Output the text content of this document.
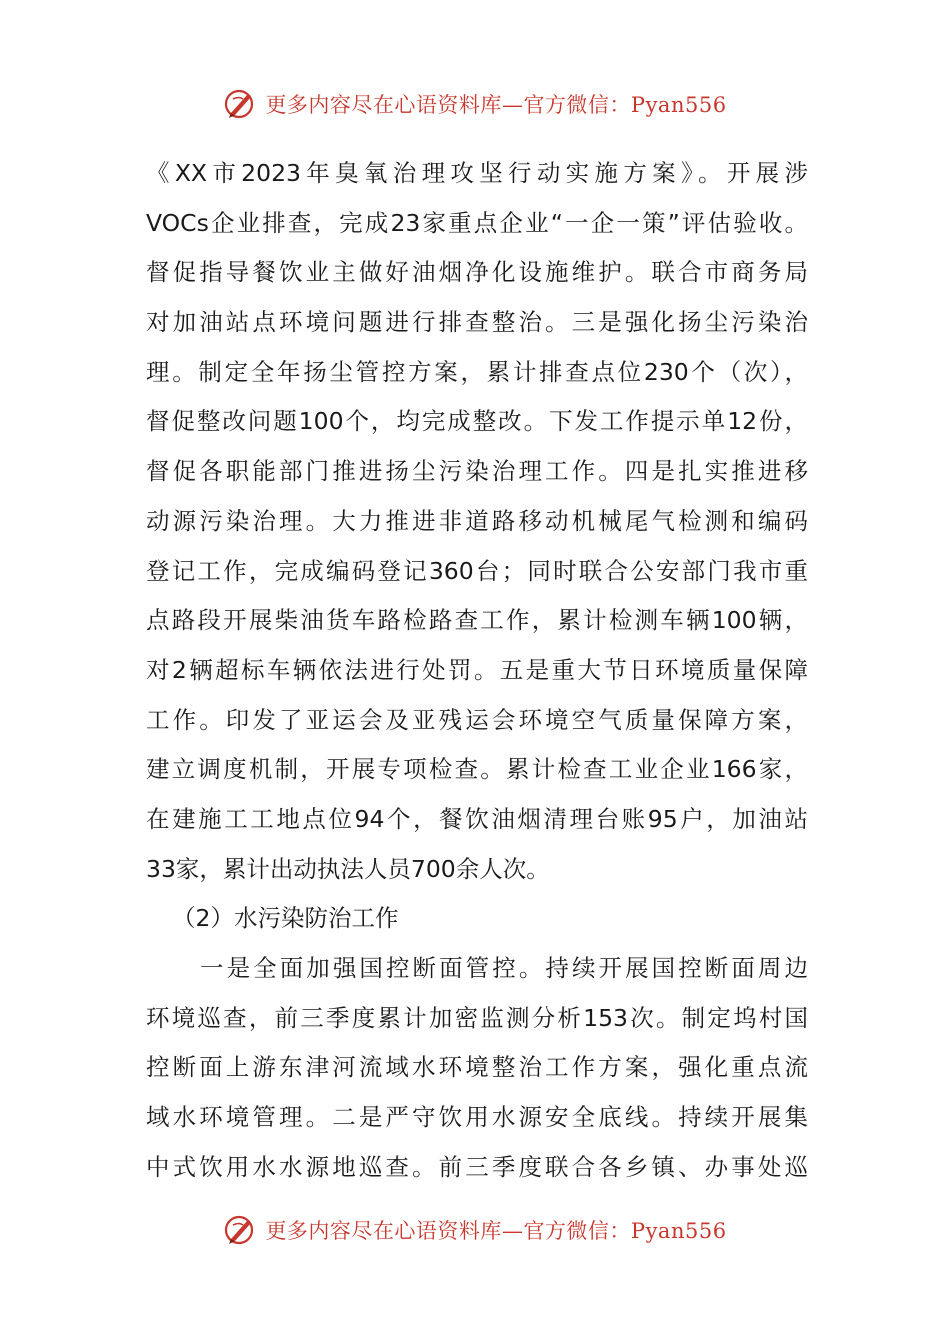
更多内容尽在心语资料库—官方微信：Pyan556
《XX市2023年臭氧治理攻坚行动实施方案》。开展涉
VOCs企业排查，完成23家重点企业“一企一策”评估验收。
督促指导餐饮业主做好油烟净化设施维护。联合市商务局
对加油站点环境问题进行排查整治。三是强化扬尘污染治
理。制定全年扬尘管控方案，累计排查点位230个（次），
督促整改问题100个，均完成整改。下发工作提示单12份，
督促各职能部门推进扬尘污染治理工作。四是扎实推进移
动源污染治理。大力推进非道路移动机械尾气检测和编码
登记工作，完成编码登记360台；同时联合公安部门我市重
点路段开展柴油货车路检路查工作，累计检测车辆100辆，
对2辆超标车辆依法进行处罚。五是重大节日环境质量保障
工作。印发了亚运会及亚残运会环境空气质量保障方案，
建立调度机制，开展专项检查。累计检查工业企业166家，
在建施工工地点位94个，餐饮油烟清理台账95户，加油站
33家，累计出动执法人员700余人次。
（2）水污染防治工作
一是全面加强国控断面管控。持续开展国控断面周边
环境巡查，前三季度累计加密监测分析153次。制定坞村国
控断面上游东津河流域水环境整治工作方案，强化重点流
域水环境管理。二是严守饮用水源安全底线。持续开展集
中式饮用水水源地巡查。前三季度联合各乡镇、办事处巡
更多内容尽在心语资料库—官方微信：Pyan556
